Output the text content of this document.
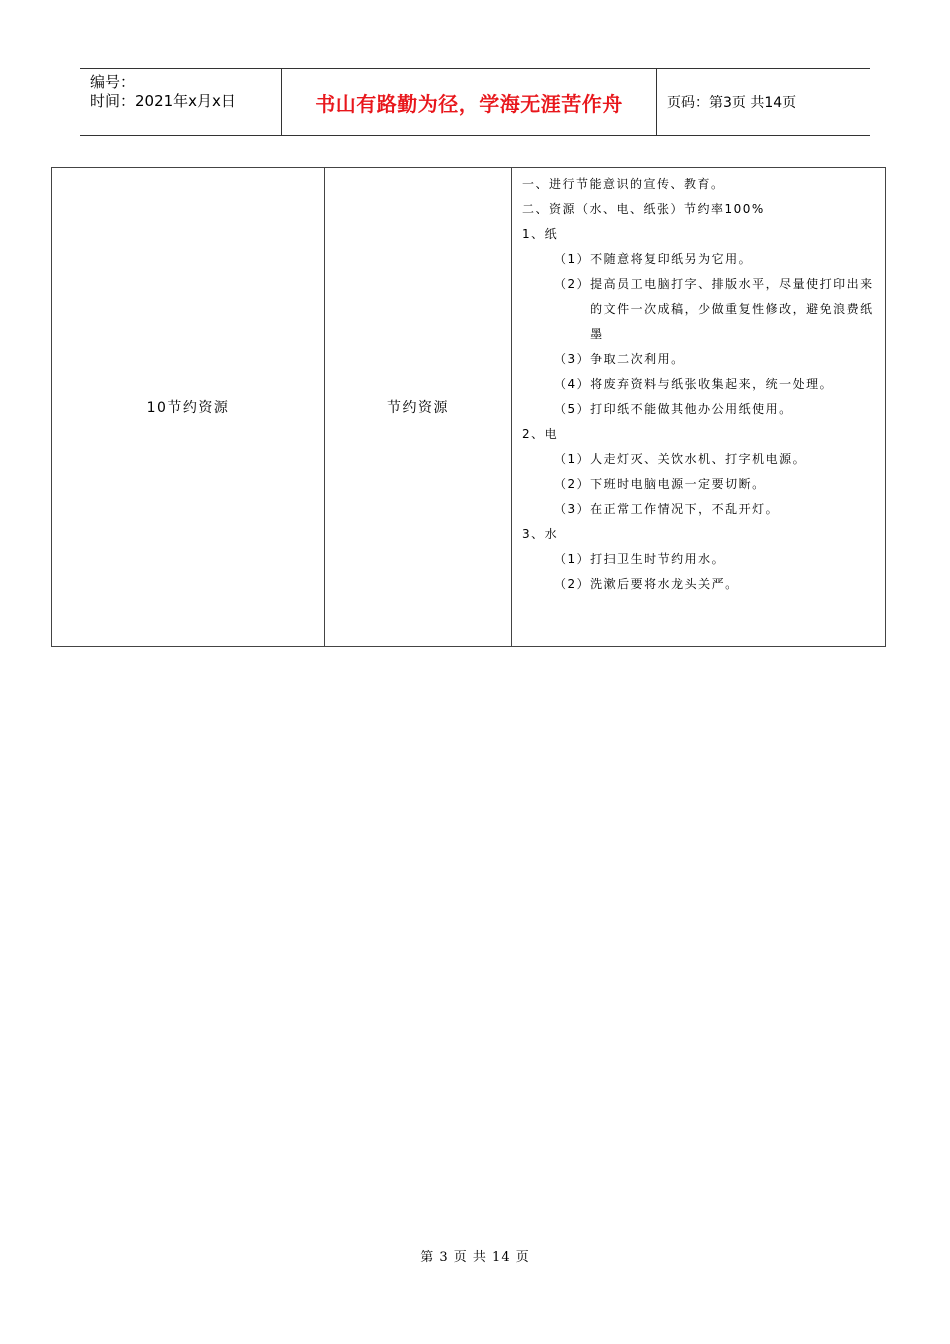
编号：
时间：2021年x月x日	书山有路勤为径，学海无涯苦作舟	页码：第3页 共14页
10节约资源	节约资源	
一、进行节能意识的宣传、教育。
二、资源（水、电、纸张）节约率100%
1、纸
（1） 不随意将复印纸另为它用。
（2） 提高员工电脑打字、排版水平，尽量使打印出来的文件一次成稿，少做重复性修改，避免浪费纸墨
（3） 争取二次利用。
（4） 将废弃资料与纸张收集起来，统一处理。
（5） 打印纸不能做其他办公用纸使用。
2、电
（1） 人走灯灭、关饮水机、打字机电源。
（2） 下班时电脑电源一定要切断。
（3） 在正常工作情况下，不乱开灯。
3、水
（1） 打扫卫生时节约用水。
（2） 洗漱后要将水龙头关严。
第 3 页 共 14 页
